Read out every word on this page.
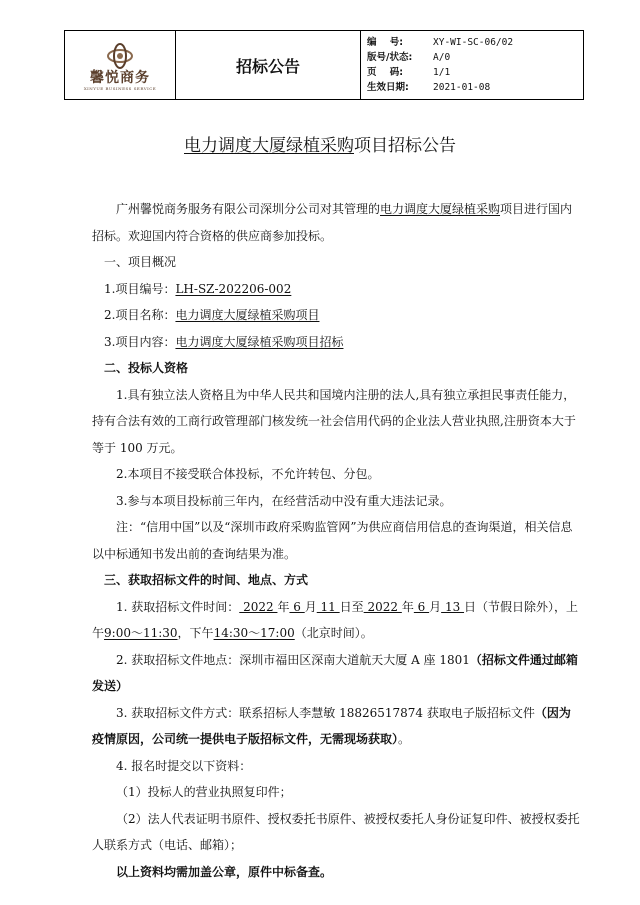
馨悦商务
XINYUE BUSINESS SERVICE
	招标公告	
编    号:	XY-WI-SC-06/02
版号/状态:	A/0
页    码:	1/1
生效日期:	2021-01-08
电力调度大厦绿植采购项目招标公告

广州馨悦商务服务有限公司深圳分公司对其管理的电力调度大厦绿植采购项目进行国内招标。欢迎国内符合资格的供应商参加投标。

一、项目概况

1.项目编号：LH-SZ-202206-002

2.项目名称：电力调度大厦绿植采购项目

3.项目内容：电力调度大厦绿植采购项目招标

二、投标人资格

1.具有独立法人资格且为中华人民共和国境内注册的法人,具有独立承担民事责任能力，持有合法有效的工商行政管理部门核发统一社会信用代码的企业法人营业执照,注册资本大于等于 100 万元。

2.本项目不接受联合体投标，不允许转包、分包。

3.参与本项目投标前三年内，在经营活动中没有重大违法记录。

注：“信用中国”以及“深圳市政府采购监管网”为供应商信用信息的查询渠道，相关信息以中标通知书发出前的查询结果为准。

三、获取招标文件的时间、地点、方式

1. 获取招标文件时间： 2022 年 6 月 11 日至 2022 年 6 月 13 日（节假日除外），上午9:00～11:30，下午14:30～17:00（北京时间）。

2. 获取招标文件地点：深圳市福田区深南大道航天大厦 A 座 1801（招标文件通过邮箱发送）

3. 获取招标文件方式：联系招标人李慧敏 18826517874 获取电子版招标文件（因为疫情原因，公司统一提供电子版招标文件，无需现场获取）。

4. 报名时提交以下资料：

（1）投标人的营业执照复印件；

（2）法人代表证明书原件、授权委托书原件、被授权委托人身份证复印件、被授权委托人联系方式（电话、邮箱）；

以上资料均需加盖公章，原件中标备查。
